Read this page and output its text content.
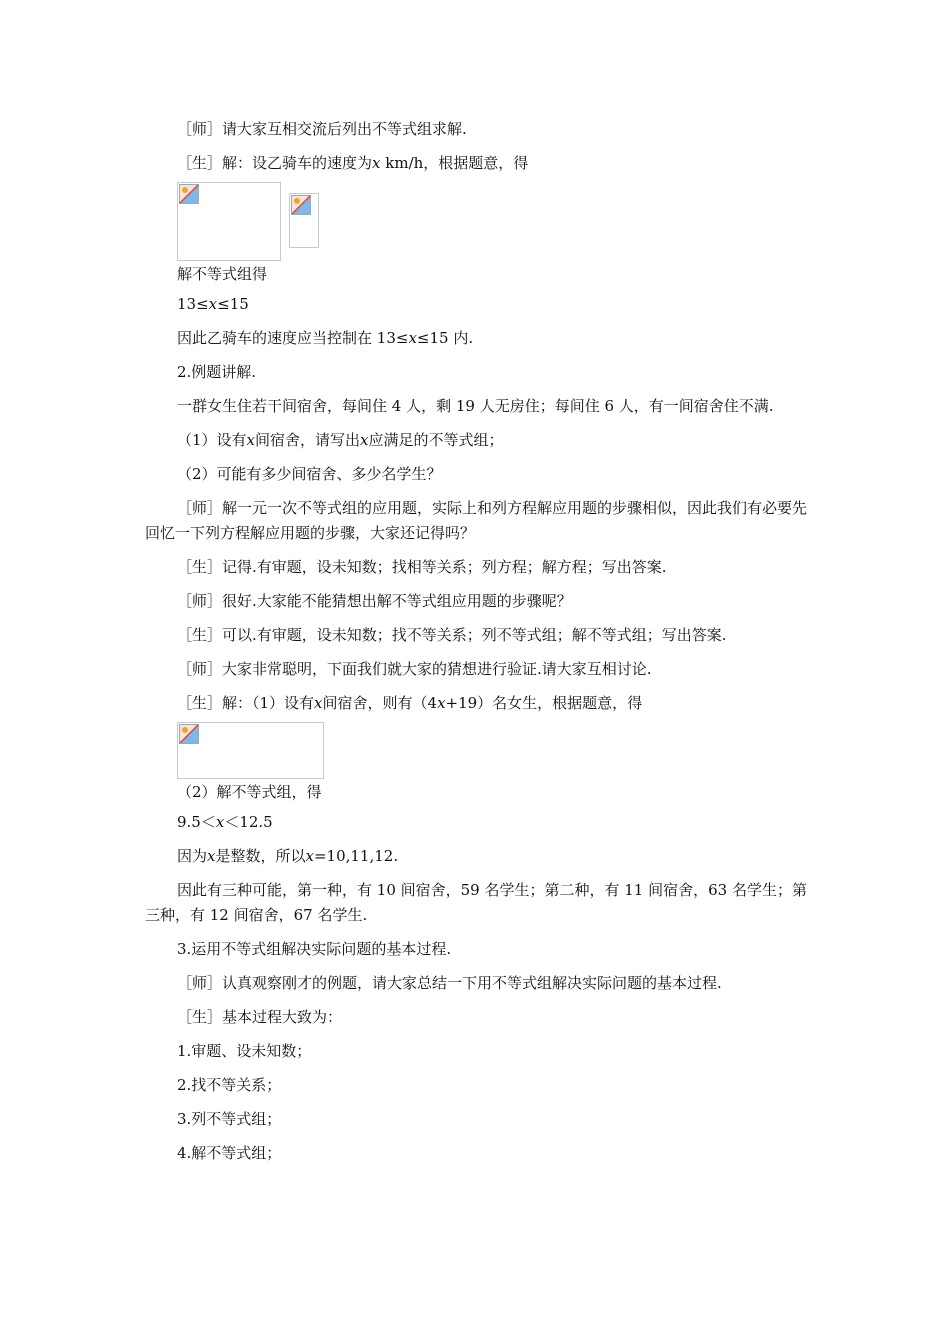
［师］请大家互相交流后列出不等式组求解.

［生］解：设乙骑车的速度为x km/h，根据题意，得

解不等式组得

13≤x≤15

因此乙骑车的速度应当控制在 13≤x≤15 内.

2.例题讲解.

一群女生住若干间宿舍，每间住 4 人，剩 19 人无房住；每间住 6 人，有一间宿舍住不满.

（1）设有x间宿舍，请写出x应满足的不等式组；

（2）可能有多少间宿舍、多少名学生？

［师］解一元一次不等式组的应用题，实际上和列方程解应用题的步骤相似，因此我们有必要先回忆一下列方程解应用题的步骤，大家还记得吗？

［生］记得.有审题，设未知数；找相等关系；列方程；解方程；写出答案.

［师］很好.大家能不能猜想出解不等式组应用题的步骤呢？

［生］可以.有审题，设未知数；找不等关系；列不等式组；解不等式组；写出答案.

［师］大家非常聪明，下面我们就大家的猜想进行验证.请大家互相讨论.

［生］解：（1）设有x间宿舍，则有（4x+19）名女生，根据题意，得

（2）解不等式组，得

9.5＜x＜12.5

因为x是整数，所以x=10,11,12.

因此有三种可能，第一种，有 10 间宿舍，59 名学生；第二种，有 11 间宿舍，63 名学生；第三种，有 12 间宿舍，67 名学生.

3.运用不等式组解决实际问题的基本过程.

［师］认真观察刚才的例题，请大家总结一下用不等式组解决实际问题的基本过程.

［生］基本过程大致为：

1.审题、设未知数；

2.找不等关系；

3.列不等式组；

4.解不等式组；
